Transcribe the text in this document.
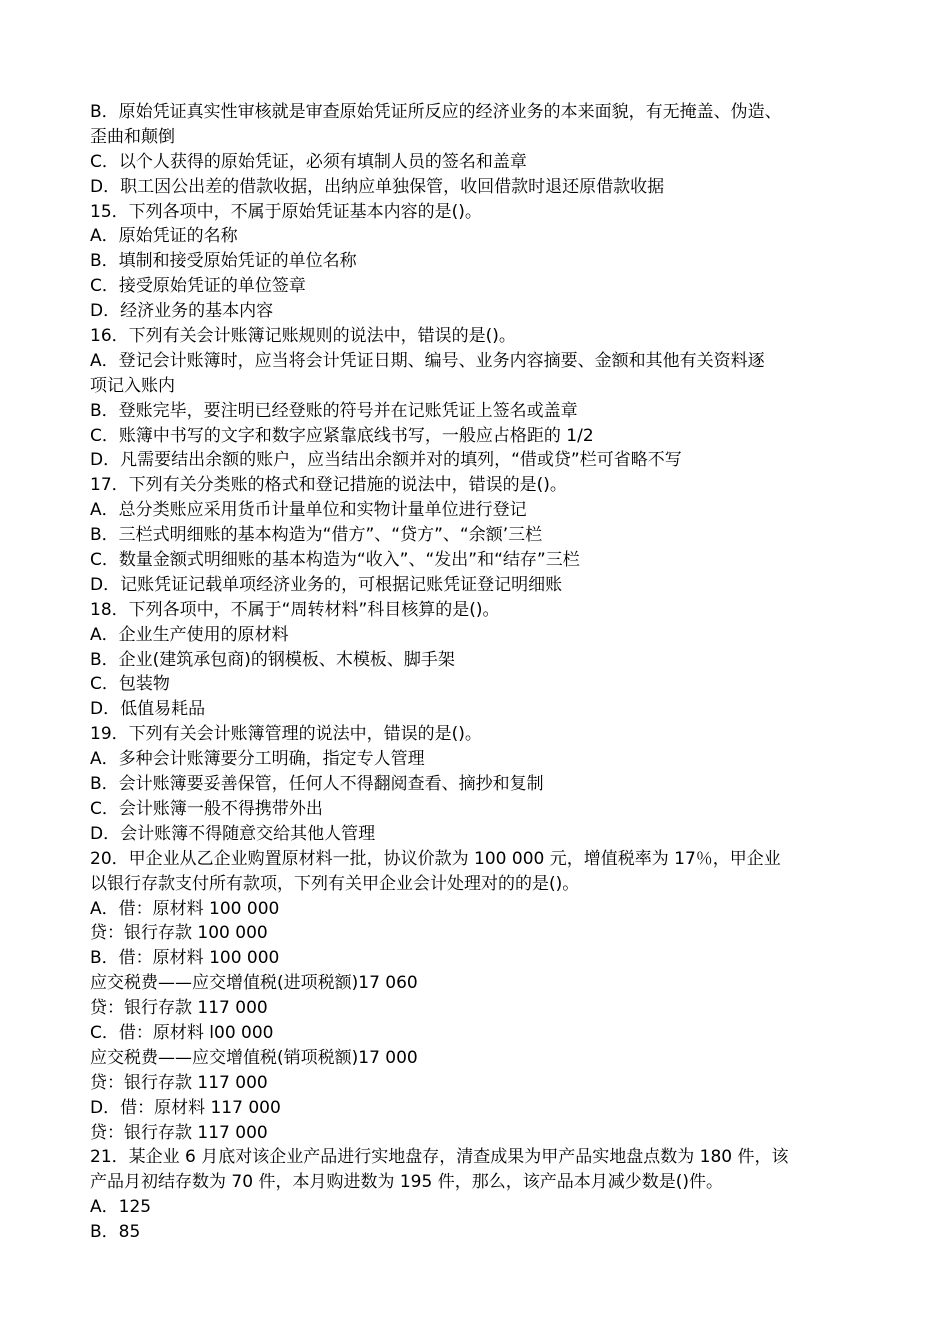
B．原始凭证真实性审核就是审查原始凭证所反应的经济业务的本来面貌，有无掩盖、伪造、
歪曲和颠倒
C．以个人获得的原始凭证，必须有填制人员的签名和盖章
D．职工因公出差的借款收据，出纳应单独保管，收回借款时退还原借款收据
15．下列各项中，不属于原始凭证基本内容的是()。
A．原始凭证的名称
B．填制和接受原始凭证的单位名称
C．接受原始凭证的单位签章
D．经济业务的基本内容
16．下列有关会计账簿记账规则的说法中，错误的是()。
A．登记会计账簿时，应当将会计凭证日期、编号、业务内容摘要、金额和其他有关资料逐
项记入账内
B．登账完毕，要注明已经登账的符号并在记账凭证上签名或盖章
C．账簿中书写的文字和数字应紧靠底线书写，一般应占格距的 1/2
D．凡需要结出余额的账户，应当结出余额并对的填列，“借或贷”栏可省略不写
17．下列有关分类账的格式和登记措施的说法中，错误的是()。
A．总分类账应采用货币计量单位和实物计量单位进行登记
B．三栏式明细账的基本构造为“借方”、“贷方”、“余额’三栏
C．数量金额式明细账的基本构造为“收入”、“发出”和“结存”三栏
D．记账凭证记载单项经济业务的，可根据记账凭证登记明细账
18．下列各项中，不属于“周转材料”科目核算的是()。
A．企业生产使用的原材料
B．企业(建筑承包商)的钢模板、木模板、脚手架
C．包装物
D．低值易耗品
19．下列有关会计账簿管理的说法中，错误的是()。
A．多种会计账簿要分工明确，指定专人管理
B．会计账簿要妥善保管，任何人不得翻阅查看、摘抄和复制
C．会计账簿一般不得携带外出
D．会计账簿不得随意交给其他人管理
20．甲企业从乙企业购置原材料一批，协议价款为 100 000 元，增值税率为 17％，甲企业
以银行存款支付所有款项，下列有关甲企业会计处理对的的是()。
A．借：原材料 100 000
贷：银行存款 100 000
B．借：原材料 100 000
应交税费——应交增值税(进项税额)17 060
贷：银行存款 117 000
C．借：原材料 l00 000
应交税费——应交增值税(销项税额)17 000
贷：银行存款 117 000
D．借：原材料 117 000
贷：银行存款 117 000
21．某企业 6 月底对该企业产品进行实地盘存，清查成果为甲产品实地盘点数为 180 件，该
产品月初结存数为 70 件，本月购进数为 195 件，那么，该产品本月减少数是()件。
A．125
B．85
